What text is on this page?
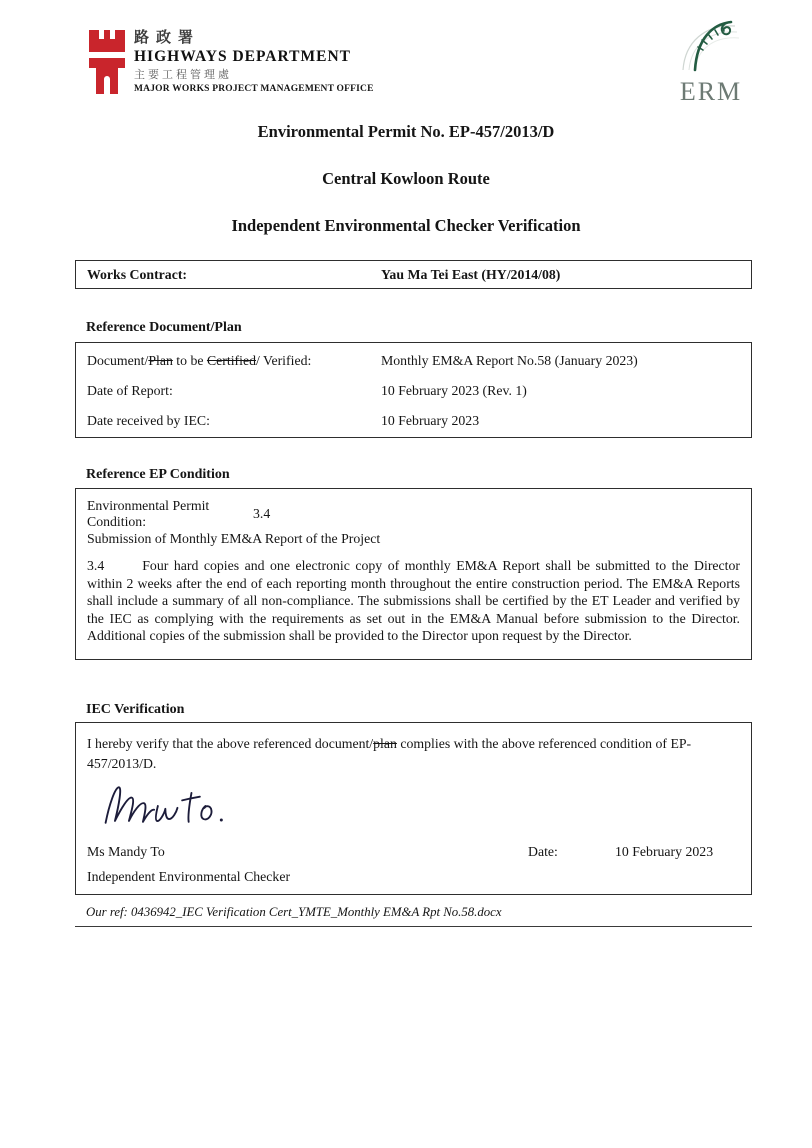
路政署
HIGHWAYS DEPARTMENT
主要工程管理處
MAJOR WORKS PROJECT MANAGEMENT OFFICE	ERM
Environmental Permit No. EP-457/2013/D
Central Kowloon Route
Independent Environmental Checker Verification
Works Contract:	Yau Ma Tei East (HY/2014/08)
Reference Document/Plan
Document/Plan to be Certified/ Verified:	Monthly EM&A Report No.58 (January 2023)
Date of Report:	10 February 2023 (Rev. 1)
Date received by IEC:	10 February 2023
Reference EP Condition
Environmental Permit Condition:
3.4
Submission of Monthly EM&A Report of the Project

3.4	Four hard copies and one electronic copy of monthly EM&A Report shall be submitted to the Director within 2 weeks after the end of each reporting month throughout the entire construction period. The EM&A Reports shall include a summary of all non-compliance. The submissions shall be certified by the ET Leader and verified by the IEC as complying with the requirements as set out in the EM&A Manual before submission to the Director. Additional copies of the submission shall be provided to the Director upon request by the Director.

IEC Verification

I hereby verify that the above referenced document/plan complies with the above referenced condition of EP-457/2013/D.

Ms Mandy To	Date:	10 February 2023
Independent Environmental Checker
Our ref: 0436942_IEC Verification Cert_YMTE_Monthly EM&A Rpt No.58.docx
